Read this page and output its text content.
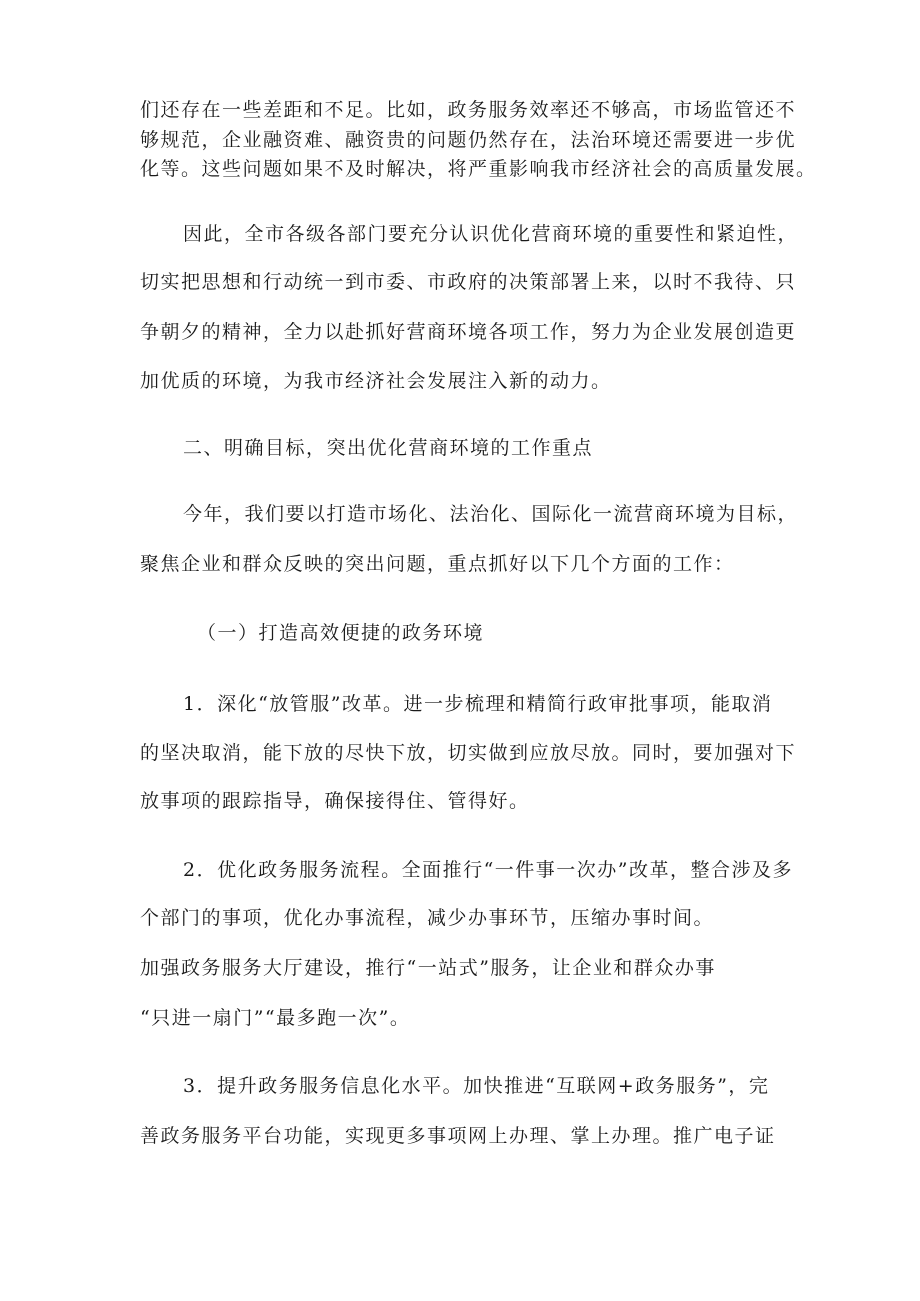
们还存在一些差距和不足。比如，政务服务效率还不够高，市场监管还不

够规范，企业融资难、融资贵的问题仍然存在，法治环境还需要进一步优

化等。这些问题如果不及时解决，将严重影响我市经济社会的高质量发展。

因此，全市各级各部门要充分认识优化营商环境的重要性和紧迫性，

切实把思想和行动统一到市委、市政府的决策部署上来，以时不我待、只

争朝夕的精神，全力以赴抓好营商环境各项工作，努力为企业发展创造更

加优质的环境，为我市经济社会发展注入新的动力。

二、明确目标，突出优化营商环境的工作重点

今年，我们要以打造市场化、法治化、国际化一流营商环境为目标，

聚焦企业和群众反映的突出问题，重点抓好以下几个方面的工作：

（一）打造高效便捷的政务环境

1．深化“放管服”改革。进一步梳理和精简行政审批事项，能取消

的坚决取消，能下放的尽快下放，切实做到应放尽放。同时，要加强对下

放事项的跟踪指导，确保接得住、管得好。

2．优化政务服务流程。全面推行“一件事一次办”改革，整合涉及多

个部门的事项，优化办事流程，减少办事环节，压缩办事时间。

加强政务服务大厅建设，推行“一站式”服务，让企业和群众办事

“只进一扇门”“最多跑一次”。

3．提升政务服务信息化水平。加快推进“互联网+政务服务”，完

善政务服务平台功能，实现更多事项网上办理、掌上办理。推广电子证
